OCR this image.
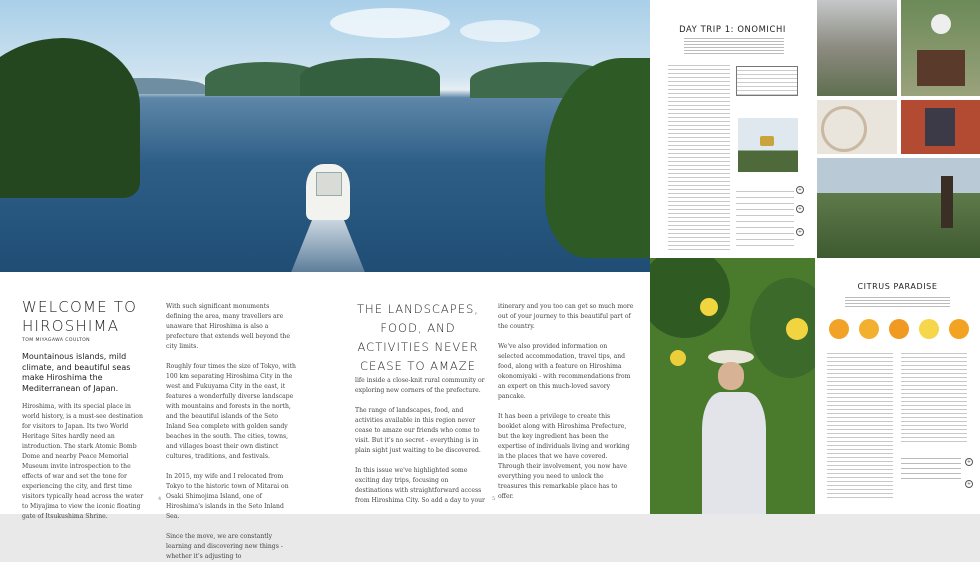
WELCOME TO
HIROSHIMA
TOM MIYAGAWA COULTON
Mountainous islands, mild climate, and beautiful seas make Hiroshima the Mediterranean of Japan.
Hiroshima, with its special place in world history, is a must-see destination for visitors to Japan. Its two World Heritage Sites hardly need an introduction. The stark Atomic Bomb Dome and nearby Peace Memorial Museum invite introspection to the effects of war and set the tone for experiencing the city, and first time visitors typically head across the water to Miyajima to view the iconic floating gate of Itsukushima Shrine.
With such significant monuments defining the area, many travellers are unaware that Hiroshima is also a prefecture that extends well beyond the city limits.
Roughly four times the size of Tokyo, with 100 km separating Hiroshima City in the west and Fukuyama City in the east, it features a wonderfully diverse landscape with mountains and forests in the north, and the beautiful islands of the Seto Inland Sea complete with golden sandy beaches in the south. The cities, towns, and villages boast their own distinct cultures, traditions, and festivals.
In 2015, my wife and I relocated from Tokyo to the historic town of Mitarai on Osaki Shimojima Island, one of Hiroshima's islands in the Seto Inland Sea.
Since the move, we are constantly learning and discovering new things - whether it's adjusting to
THE LANDSCAPES, FOOD, AND ACTIVITIES NEVER CEASE TO AMAZE
life inside a close-knit rural community or exploring new corners of the prefecture.
The range of landscapes, food, and activities available in this region never cease to amaze our friends who come to visit. But it's no secret - everything is in plain sight just waiting to be discovered.
In this issue we've highlighted some exciting day trips, focusing on destinations with straightforward access from Hiroshima City. So add a day to your
itinerary and you too can get so much more out of your journey to this beautiful part of the country.
We've also provided information on selected accommodation, travel tips, and food, along with a feature on Hiroshima okonomiyaki - with recommendations from an expert on this much-loved savory pancake.
It has been a privilege to create this booklet along with Hiroshima Prefecture, but the key ingredient has been the expertise of individuals living and working in the places that we have covered. Through their involvement, you now have everything you need to unlock the treasures this remarkable place has to offer.
4	5
DAY TRIP 1: ONOMICHI
+
+
+
CITRUS PARADISE
+
+
